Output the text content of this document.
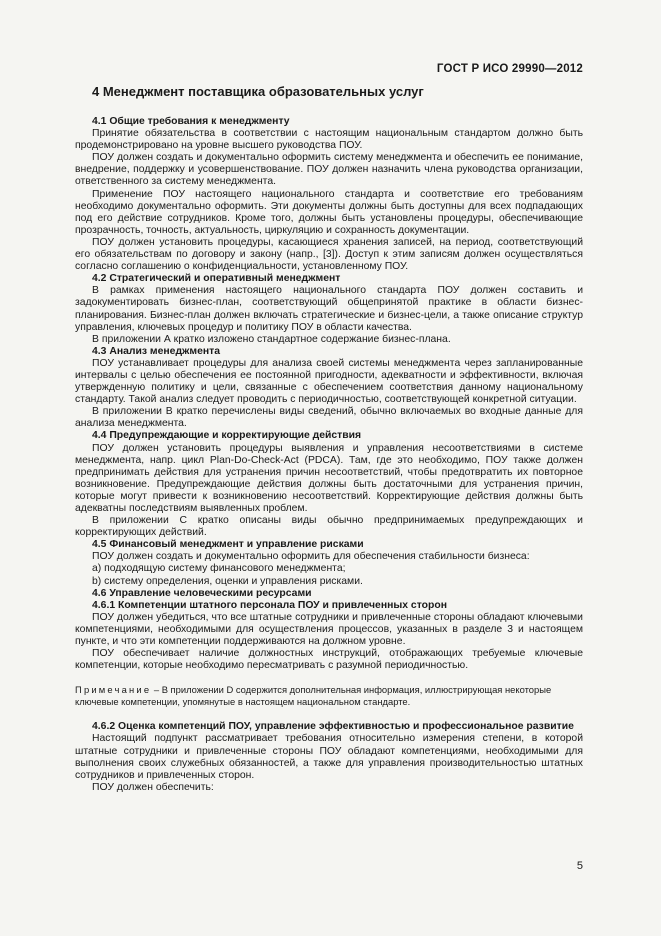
ГОСТ Р ИСО 29990—2012
4 Менеджмент поставщика образовательных услуг
4.1 Общие требования к менеджменту
Принятие обязательства в соответствии с настоящим национальным стандартом должно быть продемонстрировано на уровне высшего руководства ПОУ.
ПОУ должен создать и документально оформить систему менеджмента и обеспечить ее понимание, внедрение, поддержку и усовершенствование. ПОУ должен назначить члена руководства организации, ответственного за систему менеджмента.
Применение ПОУ настоящего национального стандарта и соответствие его требованиям необходимо документально оформить. Эти документы должны быть доступны для всех подпадающих под его действие сотрудников. Кроме того, должны быть установлены процедуры, обеспечивающие прозрачность, точность, актуальность, циркуляцию и сохранность документации.
ПОУ должен установить процедуры, касающиеся хранения записей, на период, соответствующий его обязательствам по договору и закону (напр., [3]). Доступ к этим записям должен осуществляться согласно соглашению о конфиденциальности, установленному ПОУ.
4.2 Стратегический и оперативный менеджмент
В рамках применения настоящего национального стандарта ПОУ должен составить и задокументировать бизнес-план, соответствующий общепринятой практике в области бизнес-планирования. Бизнес-план должен включать стратегические и бизнес-цели, а также описание структур управления, ключевых процедур и политику ПОУ в области качества.
В приложении А кратко изложено стандартное содержание бизнес-плана.
4.3 Анализ менеджмента
ПОУ устанавливает процедуры для анализа своей системы менеджмента через запланированные интервалы с целью обеспечения ее постоянной пригодности, адекватности и эффективности, включая утвержденную политику и цели, связанные с обеспечением соответствия данному национальному стандарту. Такой анализ следует проводить с периодичностью, соответствующей конкретной ситуации.
В приложении В кратко перечислены виды сведений, обычно включаемых во входные данные для анализа менеджмента.
4.4 Предупреждающие и корректирующие действия
ПОУ должен установить процедуры выявления и управления несоответствиями в системе менеджмента, напр. цикл Plan-Do-Check-Act (PDCA). Там, где это необходимо, ПОУ также должен предпринимать действия для устранения причин несоответствий, чтобы предотвратить их повторное возникновение. Предупреждающие действия должны быть достаточными для устранения причин, которые могут привести к возникновению несоответствий. Корректирующие действия должны быть адекватны последствиям выявленных проблем.
В приложении С кратко описаны виды обычно предпринимаемых предупреждающих и корректирующих действий.
4.5 Финансовый менеджмент и управление рисками
ПОУ должен создать и документально оформить для обеспечения стабильности бизнеса:
а) подходящую систему финансового менеджмента;
b) систему определения, оценки и управления рисками.
4.6 Управление человеческими ресурсами
4.6.1 Компетенции штатного персонала ПОУ и привлеченных сторон
ПОУ должен убедиться, что все штатные сотрудники и привлеченные стороны обладают ключевыми компетенциями, необходимыми для осуществления процессов, указанных в разделе 3 и настоящем пункте, и что эти компетенции поддерживаются на должном уровне.
ПОУ обеспечивает наличие должностных инструкций, отображающих требуемые ключевые компетенции, которые необходимо пересматривать с разумной периодичностью.
Примечание – В приложении D содержится дополнительная информация, иллюстрирующая некоторые ключевые компетенции, упомянутые в настоящем национальном стандарте.
4.6.2 Оценка компетенций ПОУ, управление эффективностью и профессиональное развитие
Настоящий подпункт рассматривает требования относительно измерения степени, в которой штатные сотрудники и привлеченные стороны ПОУ обладают компетенциями, необходимыми для выполнения своих служебных обязанностей, а также для управления производительностью штатных сотрудников и привлеченных сторон.
ПОУ должен обеспечить:
5
